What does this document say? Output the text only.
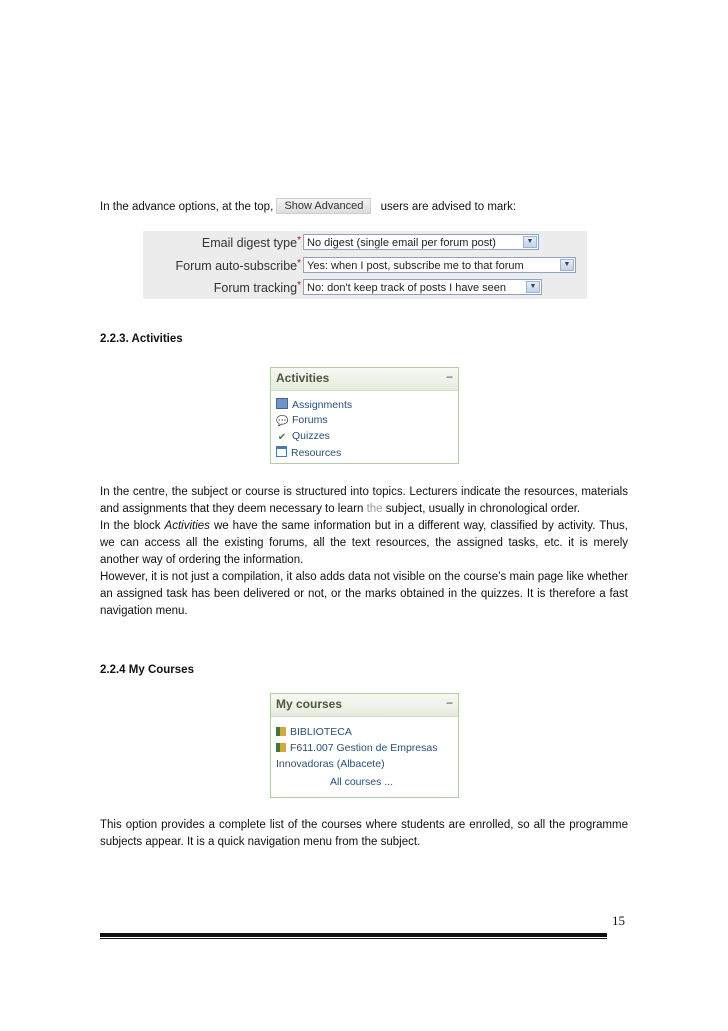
In the advance options, at the top, Show Advanced users are advised to mark:
Email digest type* No digest (single email per forum post)	▼
Forum auto-subscribe* Yes: when I post, subscribe me to that forum	▼
Forum tracking* No: don't keep track of posts I have seen	▼
2.2.3. Activities
Activities	−
Assignments
💬 Forums
✔ Quizzes
Resources

In the centre, the subject or course is structured into topics. Lecturers indicate the resources, materials and assignments that they deem necessary to learn the subject, usually in chronological order.

In the block Activities we have the same information but in a different way, classified by activity. Thus, we can access all the existing forums, all the text resources, the assigned tasks, etc. it is merely another way of ordering the information.

However, it is not just a compilation, it also adds data not visible on the course’s main page like whether an assigned task has been delivered or not, or the marks obtained in the quizzes. It is therefore a fast navigation menu.

2.2.4 My Courses
My courses	−
BIBLIOTECA
F611.007 Gestion de Empresas
Innovadoras (Albacete)
All courses ...
This option provides a complete list of the courses where students are enrolled, so all the programme subjects appear. It is a quick navigation menu from the subject.
15
